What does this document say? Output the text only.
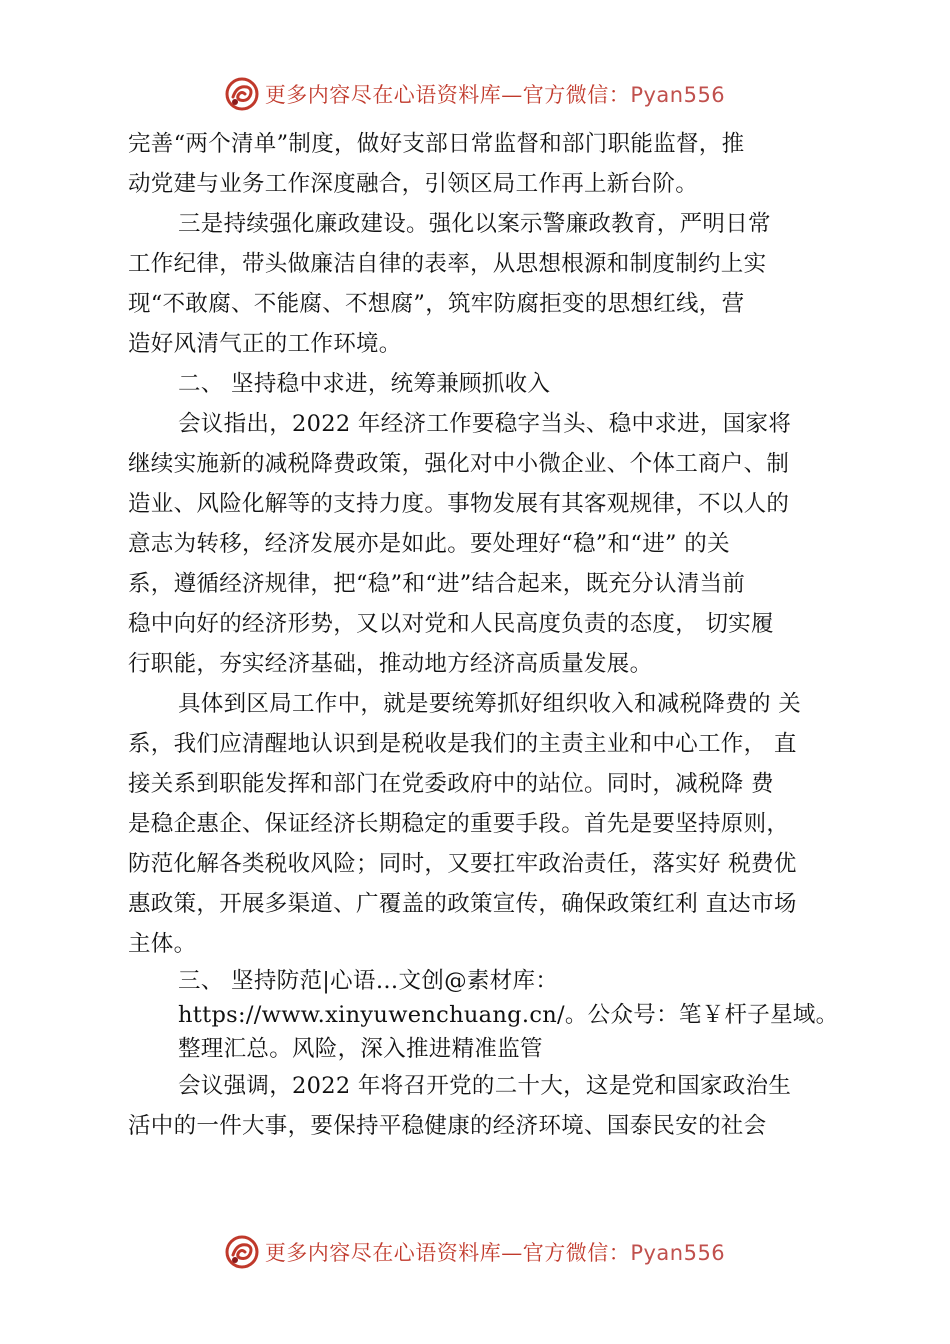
更多内容尽在心语资料库—官方微信：Pyan556
完善“两个清单”制度，做好支部日常监督和部门职能监督，推
动党建与业务工作深度融合，引领区局工作再上新台阶。
三是持续强化廉政建设。强化以案示警廉政教育，严明日常
工作纪律，带头做廉洁自律的表率，从思想根源和制度制约上实
现“不敢腐、不能腐、不想腐”，筑牢防腐拒变的思想红线，营
造好风清气正的工作环境。
二、 坚持稳中求进，统筹兼顾抓收入
会议指出，2022 年经济工作要稳字当头、稳中求进，国家将
继续实施新的减税降费政策，强化对中小微企业、个体工商户、制
造业、风险化解等的支持力度。事物发展有其客观规律，不以人的
意志为转移，经济发展亦是如此。要处理好“稳”和“进” 的关
系，遵循经济规律，把“稳”和“进”结合起来，既充分认清当前
稳中向好的经济形势，又以对党和人民高度负责的态度， 切实履
行职能，夯实经济基础，推动地方经济高质量发展。
具体到区局工作中，就是要统筹抓好组织收入和减税降费的 关
系，我们应清醒地认识到是税收是我们的主责主业和中心工作， 直
接关系到职能发挥和部门在党委政府中的站位。同时，减税降 费
是稳企惠企、保证经济长期稳定的重要手段。首先是要坚持原则，
防范化解各类税收风险；同时，又要扛牢政治责任，落实好 税费优
惠政策，开展多渠道、广覆盖的政策宣传，确保政策红利 直达市场
主体。
三、 坚持防范|心语…文创@素材库：
https://www.xinyuwenchuang.cn/。公众号：笔￥杆子星域。
整理汇总。风险，深入推进精准监管
会议强调，2022 年将召开党的二十大，这是党和国家政治生
活中的一件大事，要保持平稳健康的经济环境、国泰民安的社会
更多内容尽在心语资料库—官方微信：Pyan556
